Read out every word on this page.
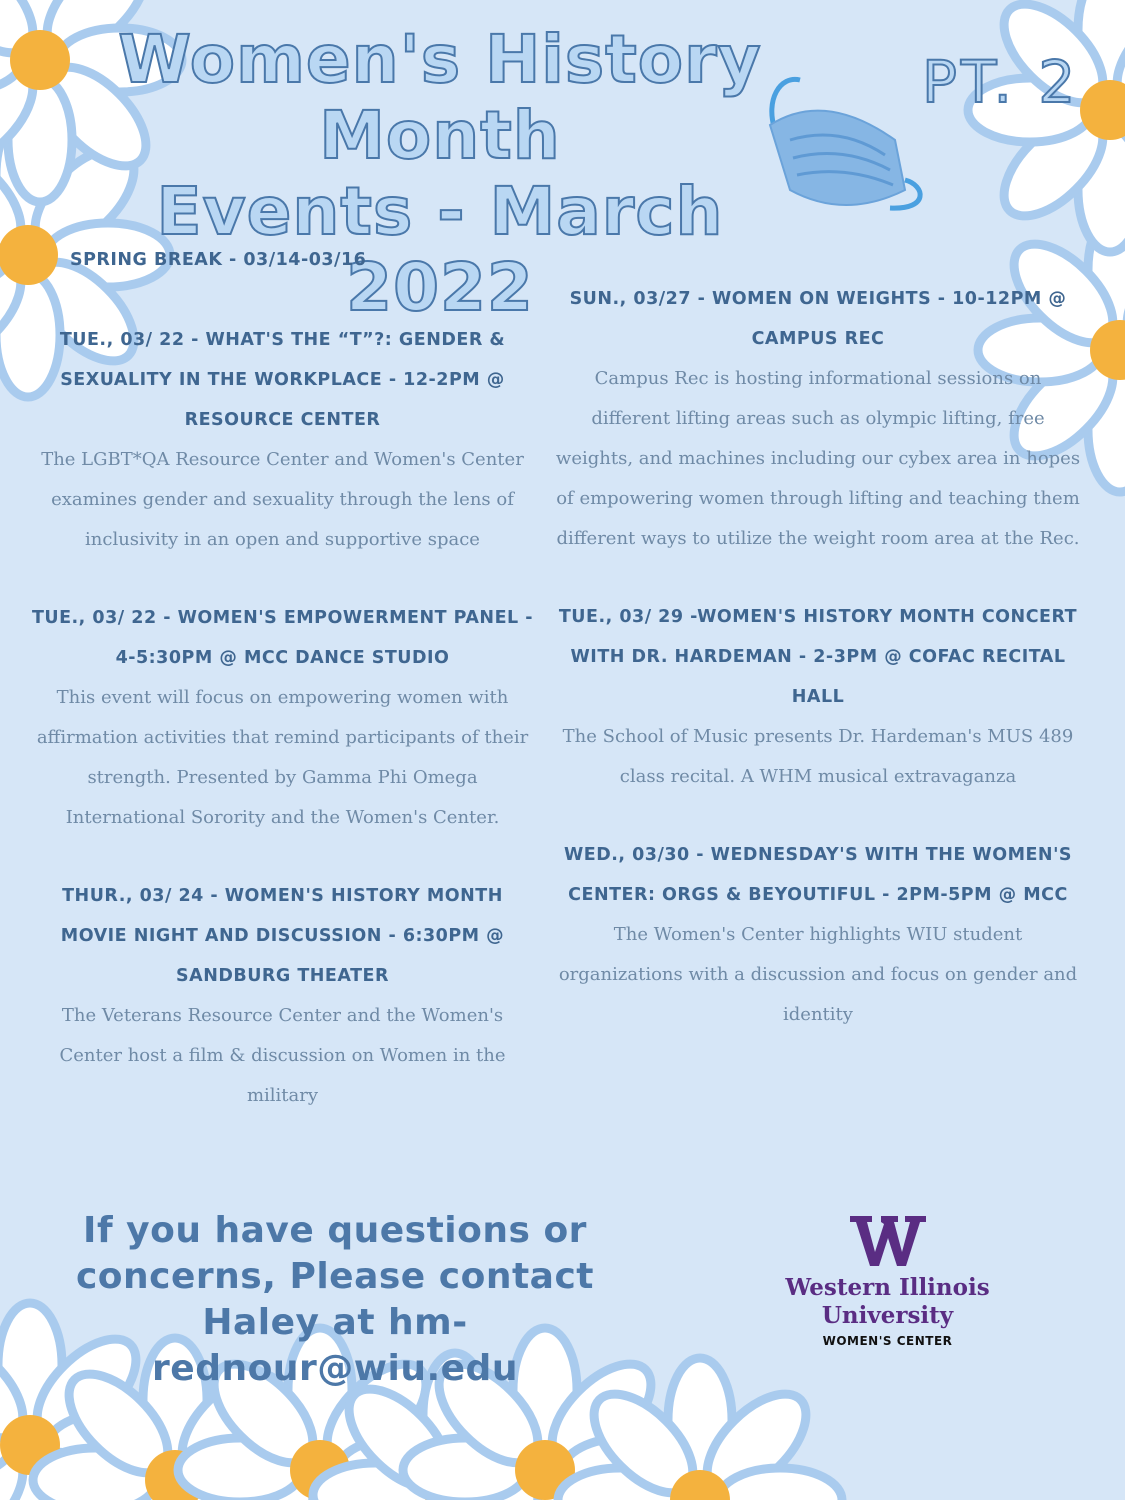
Women's History Month
Events - March 2022
PT. 2

SPRING BREAK - 03/14-03/16

TUE., 03/ 22 - WHAT'S THE “T”?: GENDER & SEXUALITY IN THE WORKPLACE - 12-2PM @ RESOURCE CENTER

The LGBT*QA Resource Center and Women's Center examines gender and sexuality through the lens of inclusivity in an open and supportive space

TUE., 03/ 22 - WOMEN'S EMPOWERMENT PANEL - 4-5:30PM @ MCC DANCE STUDIO

This event will focus on empowering women with affirmation activities that remind participants of their strength. Presented by Gamma Phi Omega International Sorority and the Women's Center.

THUR., 03/ 24 - WOMEN'S HISTORY MONTH MOVIE NIGHT AND DISCUSSION - 6:30PM @ SANDBURG THEATER

The Veterans Resource Center and the Women's Center host a film & discussion on Women in the military

SUN., 03/27 - WOMEN ON WEIGHTS - 10-12PM @ CAMPUS REC

Campus Rec is hosting informational sessions on different lifting areas such as olympic lifting, free weights, and machines including our cybex area in hopes of empowering women through lifting and teaching them different ways to utilize the weight room area at the Rec.

TUE., 03/ 29 -WOMEN'S HISTORY MONTH CONCERT WITH DR. HARDEMAN - 2-3PM @ COFAC RECITAL HALL

The School of Music presents Dr. Hardeman's MUS 489 class recital. A WHM musical extravaganza

WED., 03/30 - WEDNESDAY'S WITH THE WOMEN'S CENTER: ORGS & BEYOUTIFUL - 2PM-5PM @ MCC

The Women's Center highlights WIU student organizations with a discussion and focus on gender and identity

If you have questions or concerns, Please contact Haley at hm-rednour@wiu.edu
Western Illinois
University
WOMEN'S CENTER
